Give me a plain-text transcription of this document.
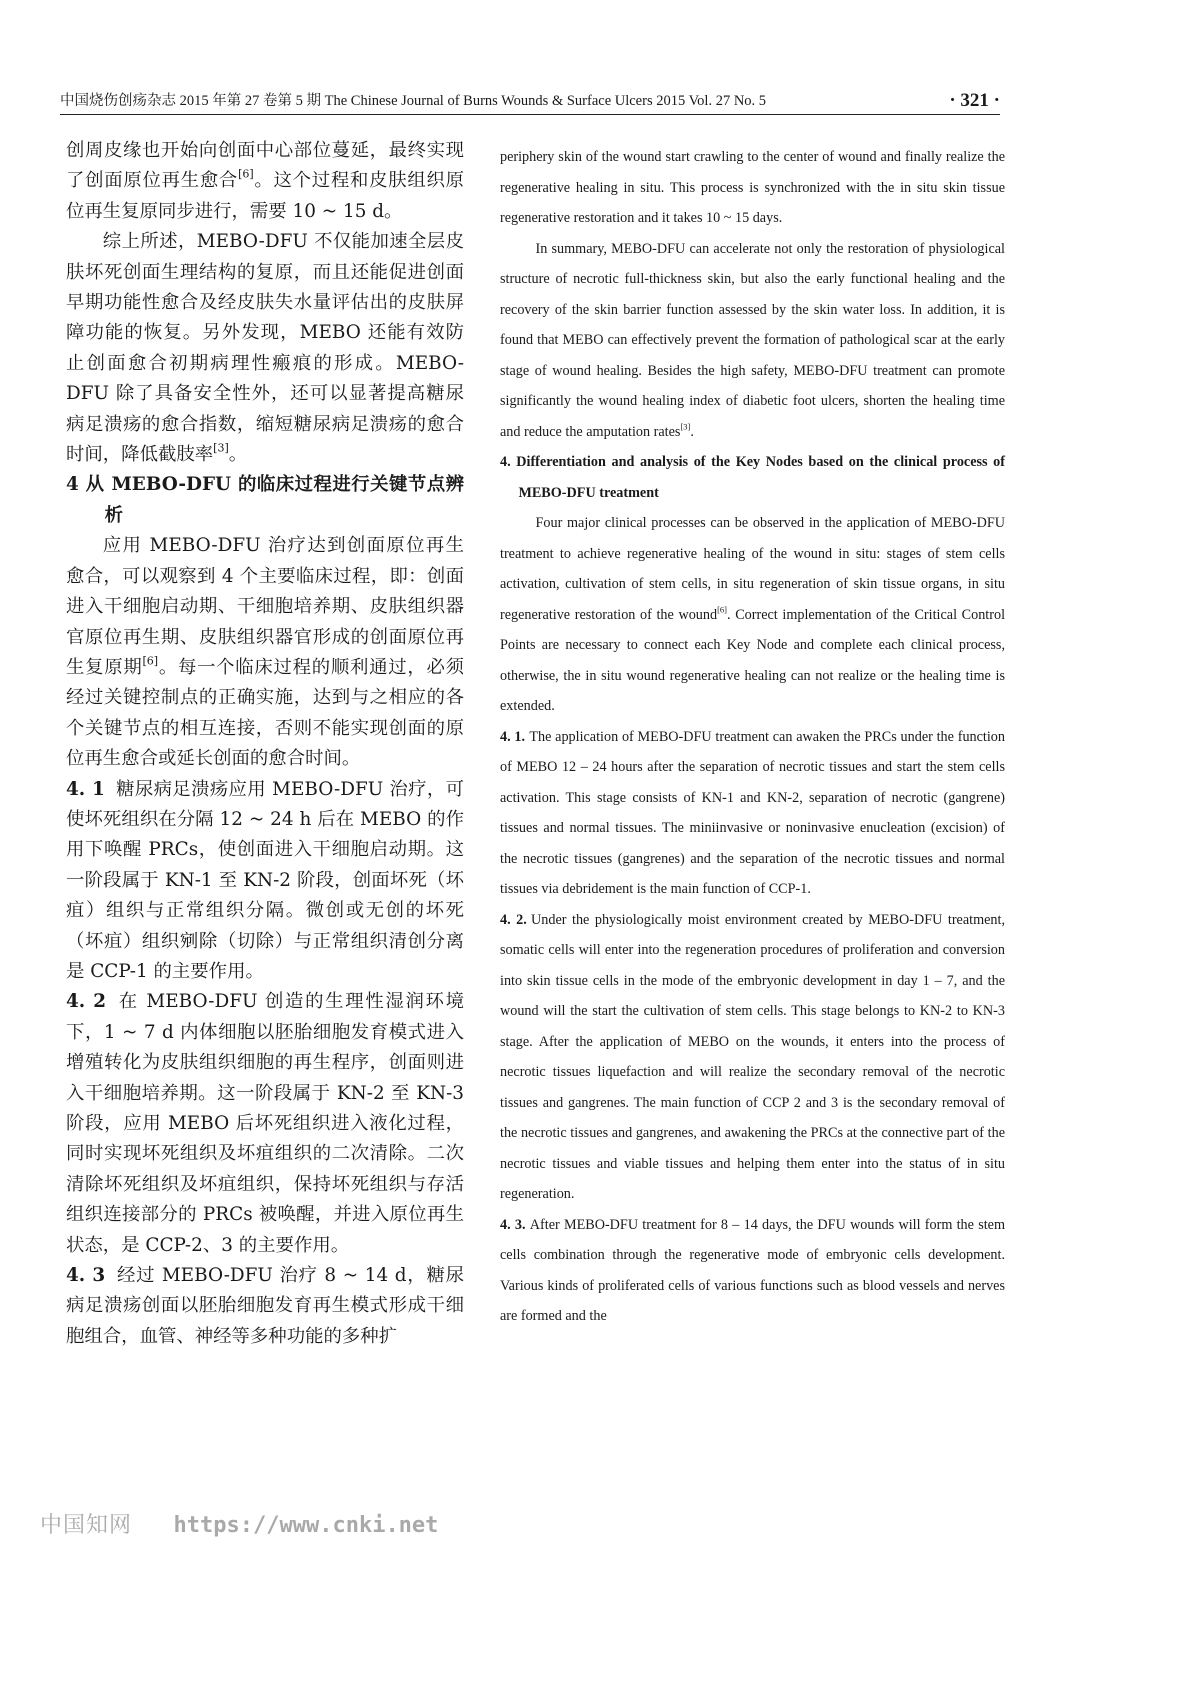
中国烧伤创疡杂志 2015 年第 27 卷第 5 期 The Chinese Journal of Burns Wounds & Surface Ulcers 2015 Vol. 27 No. 5	· 321 ·

创周皮缘也开始向创面中心部位蔓延，最终实现了创面原位再生愈合[6]。这个过程和皮肤组织原位再生复原同步进行，需要 10 ~ 15 d。

综上所述，MEBO-DFU 不仅能加速全层皮肤坏死创面生理结构的复原，而且还能促进创面早期功能性愈合及经皮肤失水量评估出的皮肤屏障功能的恢复。另外发现，MEBO 还能有效防止创面愈合初期病理性瘢痕的形成。MEBO-DFU 除了具备安全性外，还可以显著提高糖尿病足溃疡的愈合指数，缩短糖尿病足溃疡的愈合时间，降低截肢率[3]。

4 从 MEBO-DFU 的临床过程进行关键节点辨析

应用 MEBO-DFU 治疗达到创面原位再生愈合，可以观察到 4 个主要临床过程，即：创面进入干细胞启动期、干细胞培养期、皮肤组织器官原位再生期、皮肤组织器官形成的创面原位再生复原期[6]。每一个临床过程的顺利通过，必须经过关键控制点的正确实施，达到与之相应的各个关键节点的相互连接，否则不能实现创面的原位再生愈合或延长创面的愈合时间。

4. 1 糖尿病足溃疡应用 MEBO-DFU 治疗，可使坏死组织在分隔 12 ~ 24 h 后在 MEBO 的作用下唤醒 PRCs，使创面进入干细胞启动期。这一阶段属于 KN-1 至 KN-2 阶段，创面坏死（坏疽）组织与正常组织分隔。微创或无创的坏死（坏疽）组织剜除（切除）与正常组织清创分离是 CCP-1 的主要作用。

4. 2 在 MEBO-DFU 创造的生理性湿润环境下，1 ~ 7 d 内体细胞以胚胎细胞发育模式进入增殖转化为皮肤组织细胞的再生程序，创面则进入干细胞培养期。这一阶段属于 KN-2 至 KN-3 阶段，应用 MEBO 后坏死组织进入液化过程，同时实现坏死组织及坏疽组织的二次清除。二次清除坏死组织及坏疽组织，保持坏死组织与存活组织连接部分的 PRCs 被唤醒，并进入原位再生状态，是 CCP-2、3 的主要作用。

4. 3 经过 MEBO-DFU 治疗 8 ~ 14 d，糖尿病足溃疡创面以胚胎细胞发育再生模式形成干细胞组合，血管、神经等多种功能的多种扩

periphery skin of the wound start crawling to the center of wound and finally realize the regenerative healing in situ. This process is synchronized with the in situ skin tissue regenerative restoration and it takes 10 ~ 15 days.

In summary, MEBO-DFU can accelerate not only the restoration of physiological structure of necrotic full-thickness skin, but also the early functional healing and the recovery of the skin barrier function assessed by the skin water loss. In addition, it is found that MEBO can effectively prevent the formation of pathological scar at the early stage of wound healing. Besides the high safety, MEBO-DFU treatment can promote significantly the wound healing index of diabetic foot ulcers, shorten the healing time and reduce the amputation rates[3].

4. Differentiation and analysis of the Key Nodes based on the clinical process of MEBO-DFU treatment

Four major clinical processes can be observed in the application of MEBO-DFU treatment to achieve regenerative healing of the wound in situ: stages of stem cells activation, cultivation of stem cells, in situ regeneration of skin tissue organs, in situ regenerative restoration of the wound[6]. Correct implementation of the Critical Control Points are necessary to connect each Key Node and complete each clinical process, otherwise, the in situ wound regenerative healing can not realize or the healing time is extended.

4. 1. The application of MEBO-DFU treatment can awaken the PRCs under the function of MEBO 12 – 24 hours after the separation of necrotic tissues and start the stem cells activation. This stage consists of KN-1 and KN-2, separation of necrotic (gangrene) tissues and normal tissues. The miniinvasive or noninvasive enucleation (excision) of the necrotic tissues (gangrenes) and the separation of the necrotic tissues and normal tissues via debridement is the main function of CCP-1.

4. 2. Under the physiologically moist environment created by MEBO-DFU treatment, somatic cells will enter into the regeneration procedures of proliferation and conversion into skin tissue cells in the mode of the embryonic development in day 1 – 7, and the wound will the start the cultivation of stem cells. This stage belongs to KN-2 to KN-3 stage. After the application of MEBO on the wounds, it enters into the process of necrotic tissues liquefaction and will realize the secondary removal of the necrotic tissues and gangrenes. The main function of CCP 2 and 3 is the secondary removal of the necrotic tissues and gangrenes, and awakening the PRCs at the connective part of the necrotic tissues and viable tissues and helping them enter into the status of in situ regeneration.

4. 3. After MEBO-DFU treatment for 8 – 14 days, the DFU wounds will form the stem cells combination through the regenerative mode of embryonic cells development. Various kinds of proliferated cells of various functions such as blood vessels and nerves are formed and the

中国知网 https://www.cnki.net
